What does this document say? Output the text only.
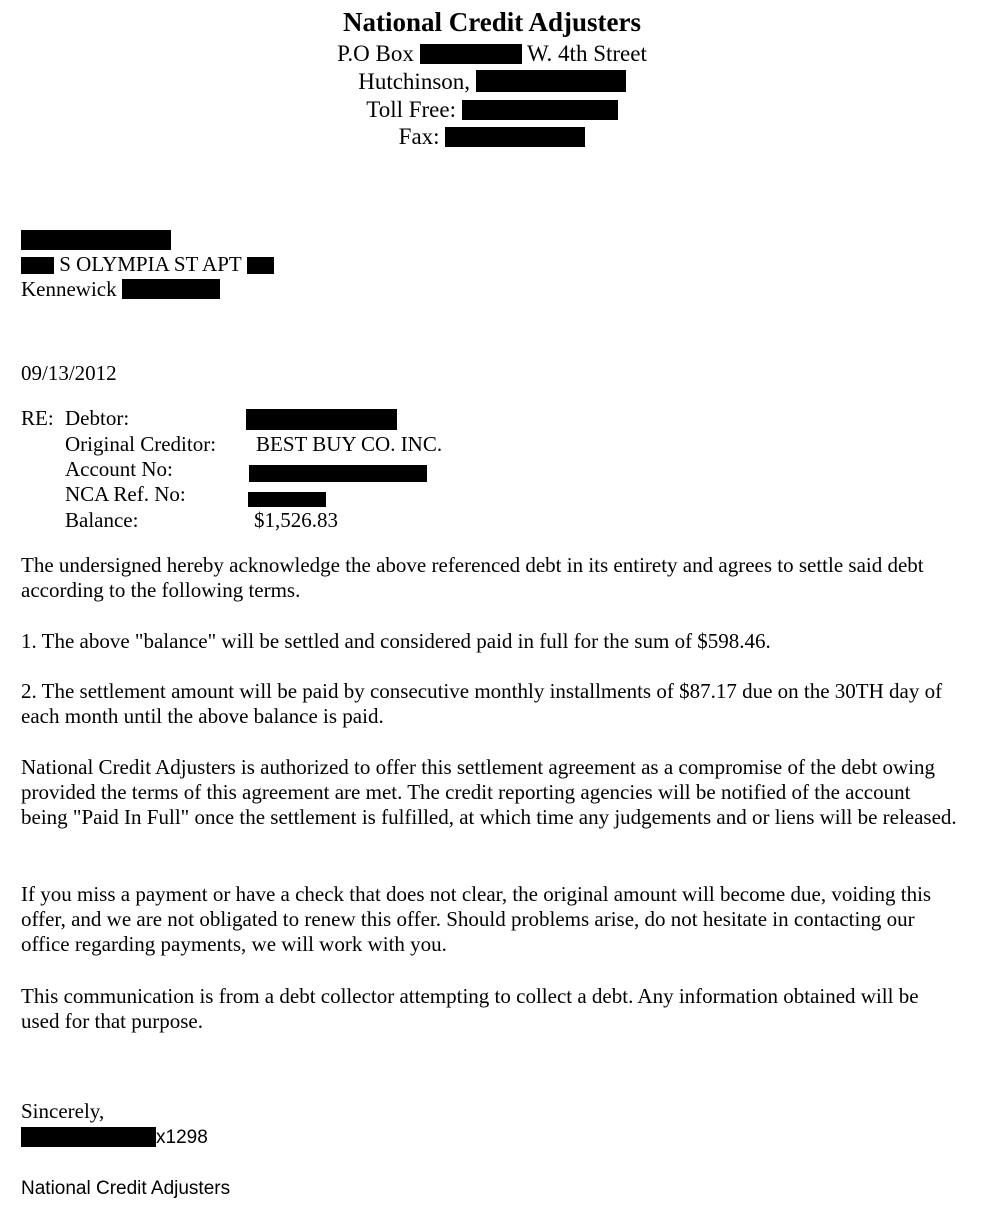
National Credit Adjusters
P.O Box	W. 4th Street
Hutchinson,
Toll Free:
Fax:
S OLYMPIA ST APT
Kennewick
09/13/2012
RE: Debtor:
Original Creditor: BEST BUY CO. INC.
Account No:
NCA Ref. No:
Balance:	$1,526.83
The undersigned hereby acknowledge the above referenced debt in its entirety and agrees to settle said debt according to the following terms.
1. The above "balance" will be settled and considered paid in full for the sum of $598.46.
2. The settlement amount will be paid by consecutive monthly installments of $87.17 due on the 30TH day of each month until the above balance is paid.
National Credit Adjusters is authorized to offer this settlement agreement as a compromise of the debt owing provided the terms of this agreement are met. The credit reporting agencies will be notified of the account being "Paid In Full" once the settlement is fulfilled, at which time any judgements and or liens will be released.
If you miss a payment or have a check that does not clear, the original amount will become due, voiding this offer, and we are not obligated to renew this offer. Should problems arise, do not hesitate in contacting our office regarding payments, we will work with you.
This communication is from a debt collector attempting to collect a debt. Any information obtained will be used for that purpose.
Sincerely,
x1298
National Credit Adjusters
